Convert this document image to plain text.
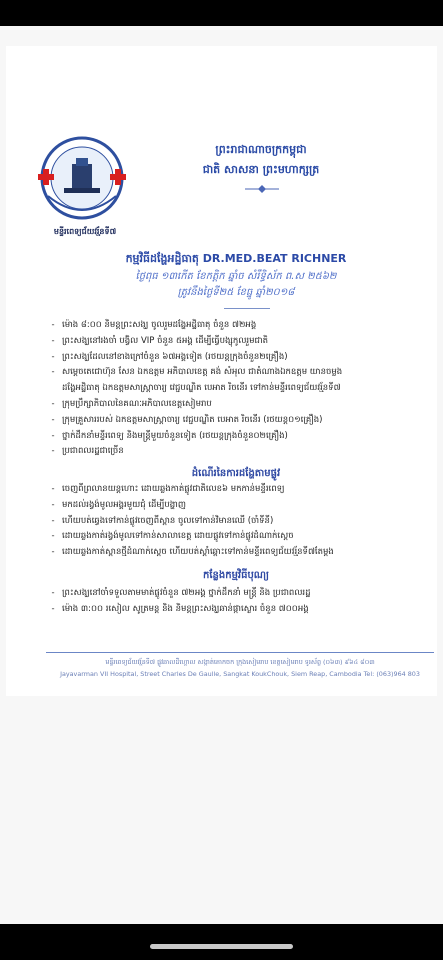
មន្ទីរពេទ្យជ័យវរ្ម័នទី៧
ព្រះរាជាណាចក្រកម្ពុជា
ជាតិ សាសនា ព្រះមហាក្សត្រ
កម្មវិធីដង្ហែអដ្ឋិធាតុ DR.MED.BEAT RICHNER
ថ្ងៃពុធ ១៣កើត ខែកត្ដិក ឆ្នាំច សំរឹទ្ធិស័ក ព.ស ២៥៦២
ត្រូវនឹងថ្ងៃទី២៥ ខែធ្នូ ឆ្នាំ២០១៨
- ម៉ោង ៨:០០ និមន្តព្រះសង្ឃ ចូលរួមដង្ហែអដ្ឋិធាតុ ចំនួន ៧២អង្គ
- ព្រះសង្ឃនៅរងចាំ បង្វិល VIP ចំនួន ៥អង្គ ដើម្បីធ្វើបង្សុកូលរួមជាតិ
- ព្រះសង្ឃដែលនៅខាងក្រៅចំនួន ៦៧អង្គទៀត (រថយន្តក្រុងចំនួន២គ្រឿង)
- សម្ដេចតេជោហ៊ុន សែន ឯកឧត្ដម អភិបាលខេត្ត គង់ សំអុល ជាតំណាងឯកឧត្ដម យានចម្លង
ដង្ហែអដ្ឋិធាតុ ឯកឧត្ដមសាស្ត្រាចារ្យ វេជ្ជបណ្ឌិត បេអាត រិចនើរ ទៅកាន់មន្ទីរពេទ្យជ័យវរ្ម័នទី៧
- ក្រុមប្រឹក្សាភិបាលនៃគណៈអភិបាលខេត្តសៀមរាប
- ក្រុមគ្រួសាររបស់ ឯកឧត្ដមសាស្ត្រាចារ្យ វេជ្ជបណ្ឌិត បេអាត រិចនើរ (រថយន្ត០១គ្រឿង)
- ថ្នាក់ដឹកនាំមន្ទីរពេទ្យ និងមន្ត្រីមួយចំនួនទៀត (រថយន្តក្រុងចំនួន០២គ្រឿង)
- ប្រជាពលរដ្ឋជាច្រើន
ដំណើរនៃការដង្ហែតាមផ្លូវ
- ចេញពីព្រលានយន្តហោះ ដោយឆ្លងកាត់ផ្លូវជាតិលេខ៦ មកកាន់មន្ទីរពេទ្យ
- មកដល់រង្វង់មូលអង្គរមួយជុំ ដើម្បីបង្ហាញ
- ហើយបត់ឆ្វេងទៅកាន់ផ្លូវចេញពីស្ពាន ចូលទៅកាន់វិមានឈើ (ចាំទីនី)
- ដោយឆ្លងកាត់រង្វង់មូលទៅកាន់សាលាខេត្ត ដោយផ្លូវទៅកាន់ផ្លូវដំណាក់ស្ដេច
- ដោយឆ្លងកាត់ស្ពានថ្មីដំណាក់ស្ដេច ហើយបត់ស្ដាំឆ្ពោះទៅកាន់មន្ទីរពេទ្យជ័យវរ្ម័នទី៧តែម្ដង
កន្លែងកម្មវិធីបុណ្យ
- ព្រះសង្ឃនៅចាំទទួលតាមមាត់ផ្លូវចំនួន ៧២អង្គ ថ្នាក់ដឹកនាំ មន្ត្រី និង ប្រជាពលរដ្ឋ
- ម៉ោង ៣:០០ រសៀល សូត្រមន្ត និង និមន្តព្រះសង្ឃឆាន់ផ្កាស្ងោរ ចំនួន ៧០០អង្គ
មន្ទីរពេទ្យជ័យវរ្ម័នទី៧ ផ្លូវ​ឆាលដឺហ្គោល សង្កាត់គោកចក ក្រុងសៀមរាប ខេត្តសៀមរាប ទូរស័ព្ទ (០៦៣) ៩៦៤ ៨០៣
Jayavarman VII Hospital, Street Charles De Gaulle, Sangkat KoukChouk, Siem Reap, Cambodia Tel: (063)964 803
